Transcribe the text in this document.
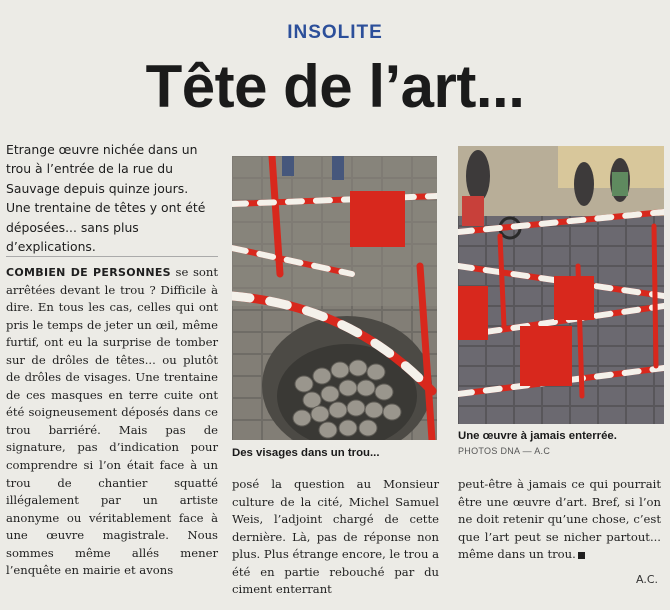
INSOLITE
Tête de l’art...
Etrange œuvre nichée dans un trou à l’entrée de la rue du Sauvage depuis quinze jours. Une trentaine de têtes y ont été déposées... sans plus d’explications.
COMBIEN DE PERSONNES se sont arrêtées devant le trou ? Difficile à dire. En tous les cas, celles qui ont pris le temps de jeter un œil, même furtif, ont eu la surprise de tomber sur de drôles de têtes... ou plutôt de drôles de visages. Une trentaine de ces masques en terre cuite ont été soigneusement déposés dans ce trou barriéré. Mais pas de signature, pas d’indication pour comprendre si l’on était face à un trou de chantier squatté illégalement par un artiste anonyme ou véritablement face à une œuvre magistrale. Nous sommes même allés mener l’enquête en mairie et avons
Des visages dans un trou...
Une œuvre à jamais enterrée.
PHOTOS DNA — A.C
posé la question au Monsieur culture de la cité, Michel Samuel Weis, l’adjoint chargé de cette dernière. Là, pas de réponse non plus. Plus étrange encore, le trou a été en partie rebouché par du ciment enterrant
peut-être à jamais ce qui pourrait être une œuvre d’art. Bref, si l’on ne doit retenir qu’une chose, c’est que l’art peut se nicher partout... même dans un trou.
A.C.
